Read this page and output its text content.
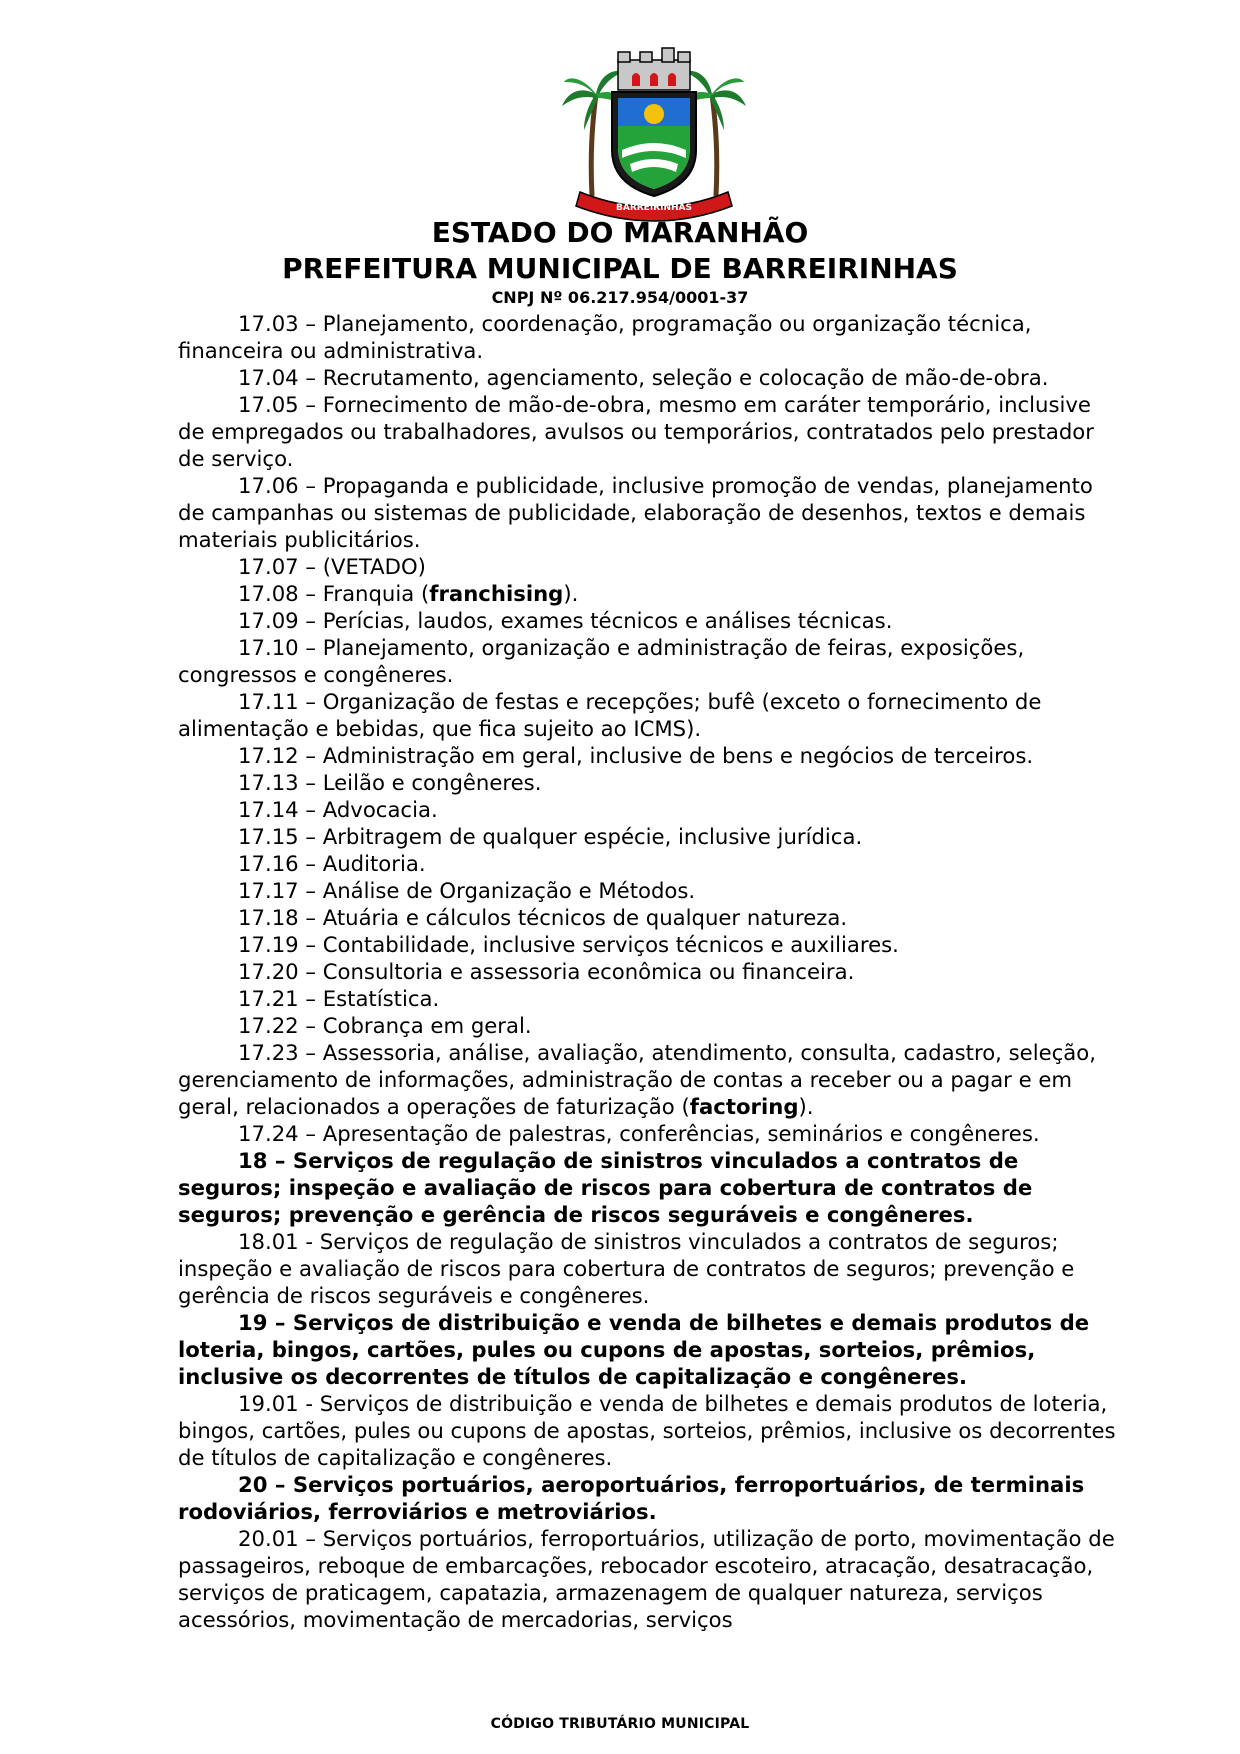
BARREIRINHAS
ESTADO DO MARANHÃO
PREFEITURA MUNICIPAL DE BARREIRINHAS
CNPJ Nº 06.217.954/0001-37

17.03 – Planejamento, coordenação, programação ou organização técnica, financeira ou administrativa.

17.04 – Recrutamento, agenciamento, seleção e colocação de mão-de-obra.

17.05 – Fornecimento de mão-de-obra, mesmo em caráter temporário, inclusive de empregados ou trabalhadores, avulsos ou temporários, contratados pelo prestador de serviço.

17.06 – Propaganda e publicidade, inclusive promoção de vendas, planejamento de campanhas ou sistemas de publicidade, elaboração de desenhos, textos e demais materiais publicitários.

17.07 – (VETADO)

17.08 – Franquia (franchising).

17.09 – Perícias, laudos, exames técnicos e análises técnicas.

17.10 – Planejamento, organização e administração de feiras, exposições, congressos e congêneres.

17.11 – Organização de festas e recepções; bufê (exceto o fornecimento de alimentação e bebidas, que fica sujeito ao ICMS).

17.12 – Administração em geral, inclusive de bens e negócios de terceiros.

17.13 – Leilão e congêneres.

17.14 – Advocacia.

17.15 – Arbitragem de qualquer espécie, inclusive jurídica.

17.16 – Auditoria.

17.17 – Análise de Organização e Métodos.

17.18 – Atuária e cálculos técnicos de qualquer natureza.

17.19 – Contabilidade, inclusive serviços técnicos e auxiliares.

17.20 – Consultoria e assessoria econômica ou financeira.

17.21 – Estatística.

17.22 – Cobrança em geral.

17.23 – Assessoria, análise, avaliação, atendimento, consulta, cadastro, seleção, gerenciamento de informações, administração de contas a receber ou a pagar e em geral, relacionados a operações de faturização (factoring).

17.24 – Apresentação de palestras, conferências, seminários e congêneres.

18 – Serviços de regulação de sinistros vinculados a contratos de seguros; inspeção e avaliação de riscos para cobertura de contratos de seguros; prevenção e gerência de riscos seguráveis e congêneres.

18.01 - Serviços de regulação de sinistros vinculados a contratos de seguros; inspeção e avaliação de riscos para cobertura de contratos de seguros; prevenção e gerência de riscos seguráveis e congêneres.

19 – Serviços de distribuição e venda de bilhetes e demais produtos de loteria, bingos, cartões, pules ou cupons de apostas, sorteios, prêmios, inclusive os decorrentes de títulos de capitalização e congêneres.

19.01 - Serviços de distribuição e venda de bilhetes e demais produtos de loteria, bingos, cartões, pules ou cupons de apostas, sorteios, prêmios, inclusive os decorrentes de títulos de capitalização e congêneres.

20 – Serviços portuários, aeroportuários, ferroportuários, de terminais rodoviários, ferroviários e metroviários.

20.01 – Serviços portuários, ferroportuários, utilização de porto, movimentação de passageiros, reboque de embarcações, rebocador escoteiro, atracação, desatracação, serviços de praticagem, capatazia, armazenagem de qualquer natureza, serviços acessórios, movimentação de mercadorias, serviços

CÓDIGO TRIBUTÁRIO MUNICIPAL
